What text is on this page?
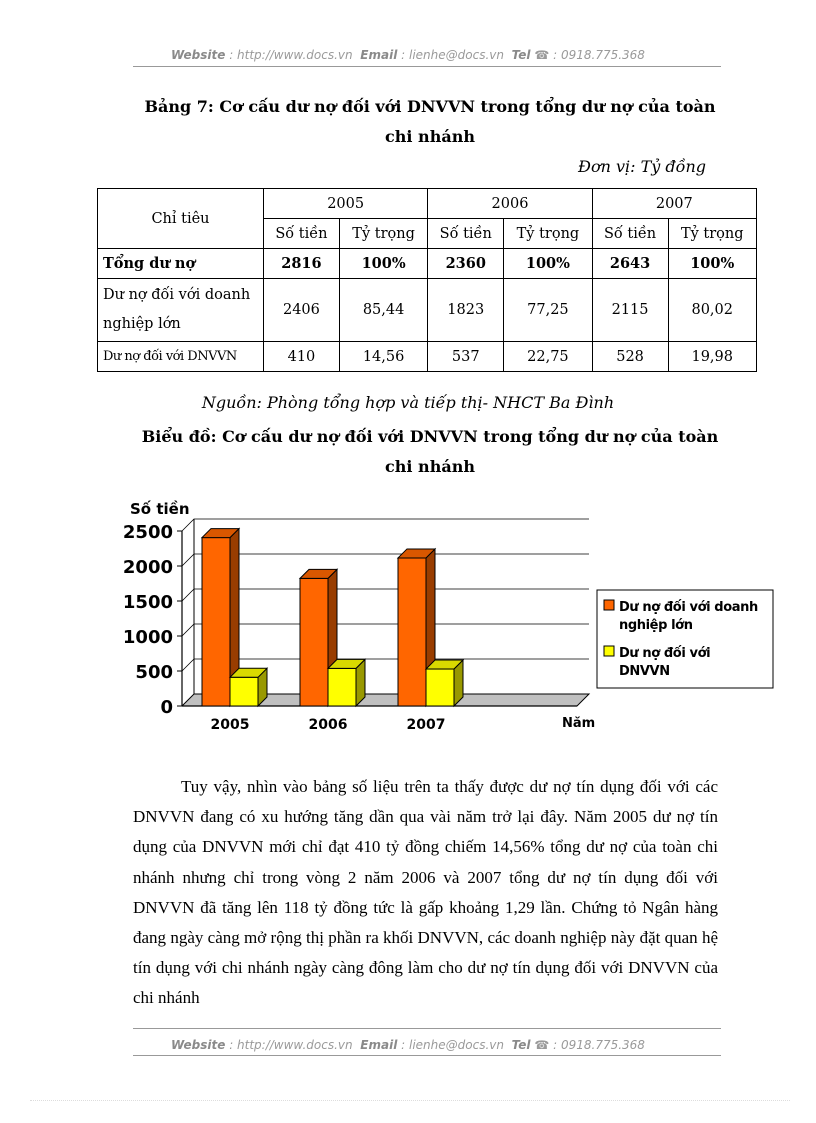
Website : http://www.docs.vn Email : lienhe@docs.vn Tel ☎ : 0918.775.368
Bảng 7: Cơ cấu dư nợ đối với DNVVN trong tổng dư nợ của toàn
chi nhánh
Đơn vị: Tỷ đồng
Chỉ tiêu	2005		2006		2007	
	Số tiền	Tỷ trọng	Số tiền	Tỷ trọng	Số tiền	Tỷ trọng
Tổng dư nợ	2816	100%	2360	100%	2643	100%

Dư nợ đối với doanh
nghiệp lớn	2406	85,44	1823	77,25	2115	80,02
Dư nợ đối với DNVVN	410	14,56	537	22,75	528	19,98
Nguồn: Phòng tổng hợp và tiếp thị- NHCT Ba Đình
Biểu đồ: Cơ cấu dư nợ đối với DNVVN trong tổng dư nợ của toàn
chi nhánh
0
500
1000
1500
2000
2500
Số tiền
Năm
2005	2006	2007
Dư nợ đối với doanh
nghiệp lớn
Dư nợ đối với
DNVVN

Tuy vậy, nhìn vào bảng số liệu trên ta thấy được dư nợ tín dụng đối với các DNVVN đang có xu hướng tăng dần qua vài năm trở lại đây. Năm 2005 dư nợ tín dụng của DNVVN mới chỉ đạt 410 tỷ đồng chiếm 14,56% tổng dư nợ của toàn chi nhánh nhưng chỉ trong vòng 2 năm 2006 và 2007 tổng dư nợ tín dụng đối với DNVVN đã tăng lên 118 tỷ đồng tức là gấp khoảng 1,29 lần. Chứng tỏ Ngân hàng đang ngày càng mở rộng thị phần ra khối DNVVN, các doanh nghiệp này đặt quan hệ tín dụng với chi nhánh ngày càng đông làm cho dư nợ tín dụng đối với DNVVN của chi nhánh

Website : http://www.docs.vn Email : lienhe@docs.vn Tel ☎ : 0918.775.368
